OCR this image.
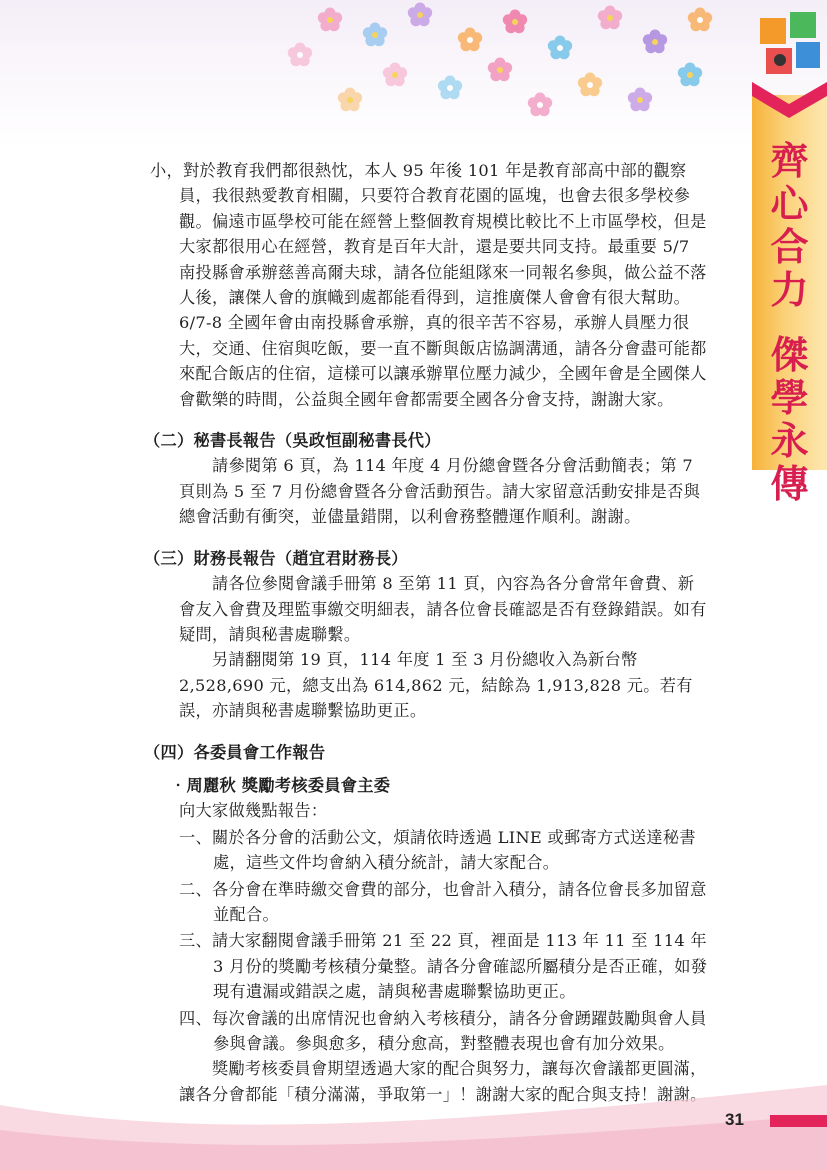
齊
心
合
力
傑
學
永
傳

小，對於教育我們都很熱忱，本人 95 年後 101 年是教育部高中部的觀察員，我很熱愛教育相關，只要符合教育花園的區塊，也會去很多學校參觀。偏遠市區學校可能在經營上整個教育規模比較比不上市區學校，但是大家都很用心在經營，教育是百年大計，還是要共同支持。最重要 5/7 南投縣會承辦慈善高爾夫球，請各位能組隊來一同報名參與，做公益不落人後，讓傑人會的旗幟到處都能看得到，這推廣傑人會會有很大幫助。6/7-8 全國年會由南投縣會承辦，真的很辛苦不容易，承辦人員壓力很大，交通、住宿與吃飯，要一直不斷與飯店協調溝通，請各分會盡可能都來配合飯店的住宿，這樣可以讓承辦單位壓力減少，全國年會是全國傑人會歡樂的時間，公益與全國年會都需要全國各分會支持，謝謝大家。

（二）秘書長報告（吳政恒副秘書長代）

請參閱第 6 頁，為 114 年度 4 月份總會暨各分會活動簡表；第 7 頁則為 5 至 7 月份總會暨各分會活動預告。請大家留意活動安排是否與總會活動有衝突，並儘量錯開，以利會務整體運作順利。謝謝。

（三）財務長報告（趙宜君財務長）

請各位參閱會議手冊第 8 至第 11 頁，內容為各分會常年會費、新會友入會費及理監事繳交明細表，請各位會長確認是否有登錄錯誤。如有疑問，請與秘書處聯繫。

另請翻閱第 19 頁，114 年度 1 至 3 月份總收入為新台幣 2,528,690 元，總支出為 614,862 元，結餘為 1,913,828 元。若有誤，亦請與秘書處聯繫協助更正。

（四）各委員會工作報告

‧周麗秋 獎勵考核委員會主委

向大家做幾點報告：

一、關於各分會的活動公文，煩請依時透過 LINE 或郵寄方式送達秘書處，這些文件均會納入積分統計，請大家配合。

二、各分會在準時繳交會費的部分，也會計入積分，請各位會長多加留意並配合。

三、請大家翻閱會議手冊第 21 至 22 頁，裡面是 113 年 11 至 114 年 3 月份的獎勵考核積分彙整。請各分會確認所屬積分是否正確，如發現有遺漏或錯誤之處，請與秘書處聯繫協助更正。

四、每次會議的出席情況也會納入考核積分，請各分會踴躍鼓勵與會人員參與會議。參與愈多，積分愈高，對整體表現也會有加分效果。

獎勵考核委員會期望透過大家的配合與努力，讓每次會議都更圓滿，讓各分會都能「積分滿滿，爭取第一」！謝謝大家的配合與支持！謝謝。

31
